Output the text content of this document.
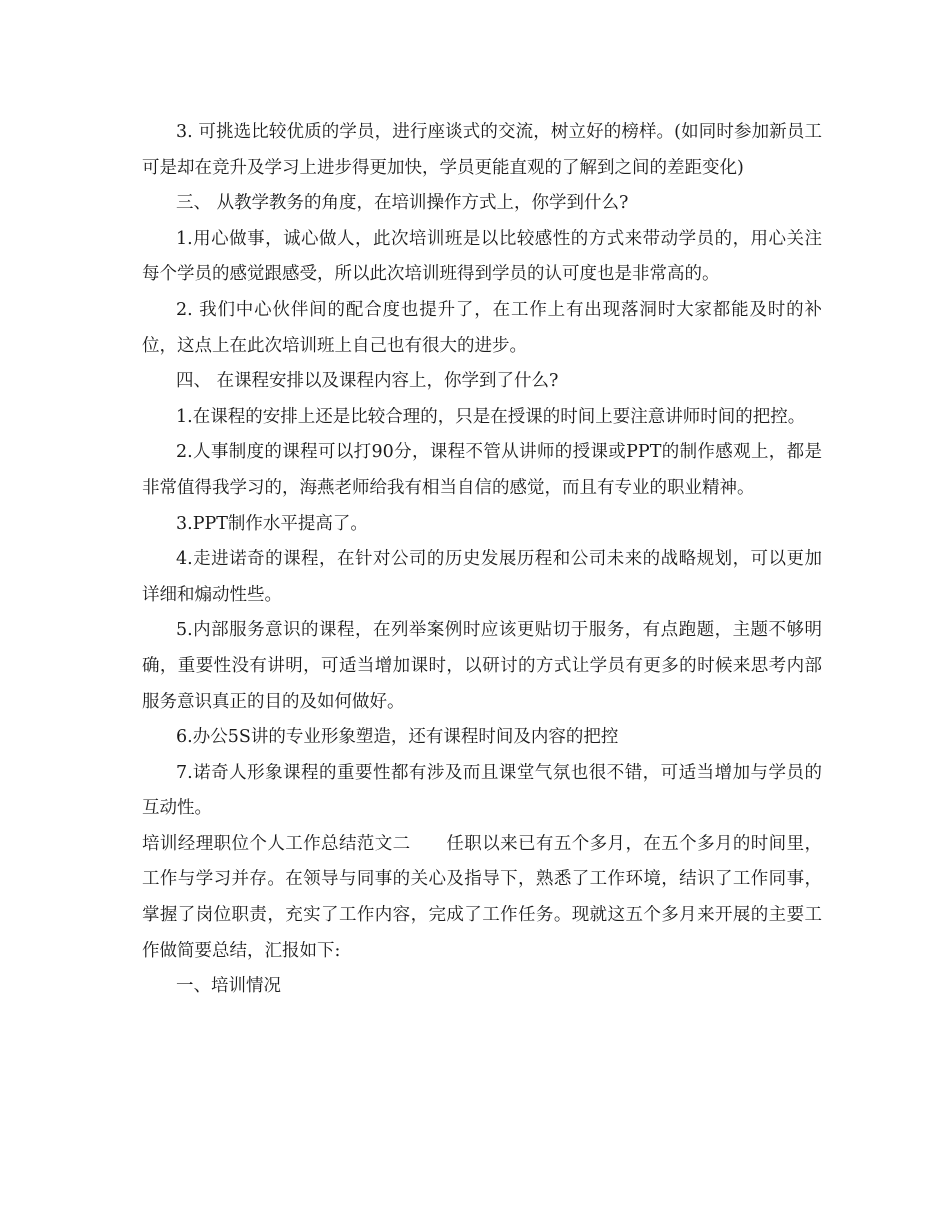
3. 可挑选比较优质的学员，进行座谈式的交流，树立好的榜样。(如同时参加新员工可是却在竞升及学习上进步得更加快，学员更能直观的了解到之间的差距变化)

三、 从教学教务的角度，在培训操作方式上，你学到什么?

1.用心做事，诚心做人，此次培训班是以比较感性的方式来带动学员的，用心关注每个学员的感觉跟感受，所以此次培训班得到学员的认可度也是非常高的。

2. 我们中心伙伴间的配合度也提升了，在工作上有出现落洞时大家都能及时的补位，这点上在此次培训班上自己也有很大的进步。

四、 在课程安排以及课程内容上，你学到了什么?

1.在课程的安排上还是比较合理的，只是在授课的时间上要注意讲师时间的把控。

2.人事制度的课程可以打90分，课程不管从讲师的授课或PPT的制作感观上，都是非常值得我学习的，海燕老师给我有相当自信的感觉，而且有专业的职业精神。

3.PPT制作水平提高了。

4.走进诺奇的课程，在针对公司的历史发展历程和公司未来的战略规划，可以更加详细和煽动性些。

5.内部服务意识的课程，在列举案例时应该更贴切于服务，有点跑题，主题不够明确，重要性没有讲明，可适当增加课时，以研讨的方式让学员有更多的时候来思考内部服务意识真正的目的及如何做好。

6.办公5S讲的专业形象塑造，还有课程时间及内容的把控

7.诺奇人形象课程的重要性都有涉及而且课堂气氛也很不错，可适当增加与学员的互动性。

培训经理职位个人工作总结范文二　　任职以来已有五个多月，在五个多月的时间里，工作与学习并存。在领导与同事的关心及指导下，熟悉了工作环境，结识了工作同事，掌握了岗位职责，充实了工作内容，完成了工作任务。现就这五个多月来开展的主要工作做简要总结，汇报如下:

一、培训情况
